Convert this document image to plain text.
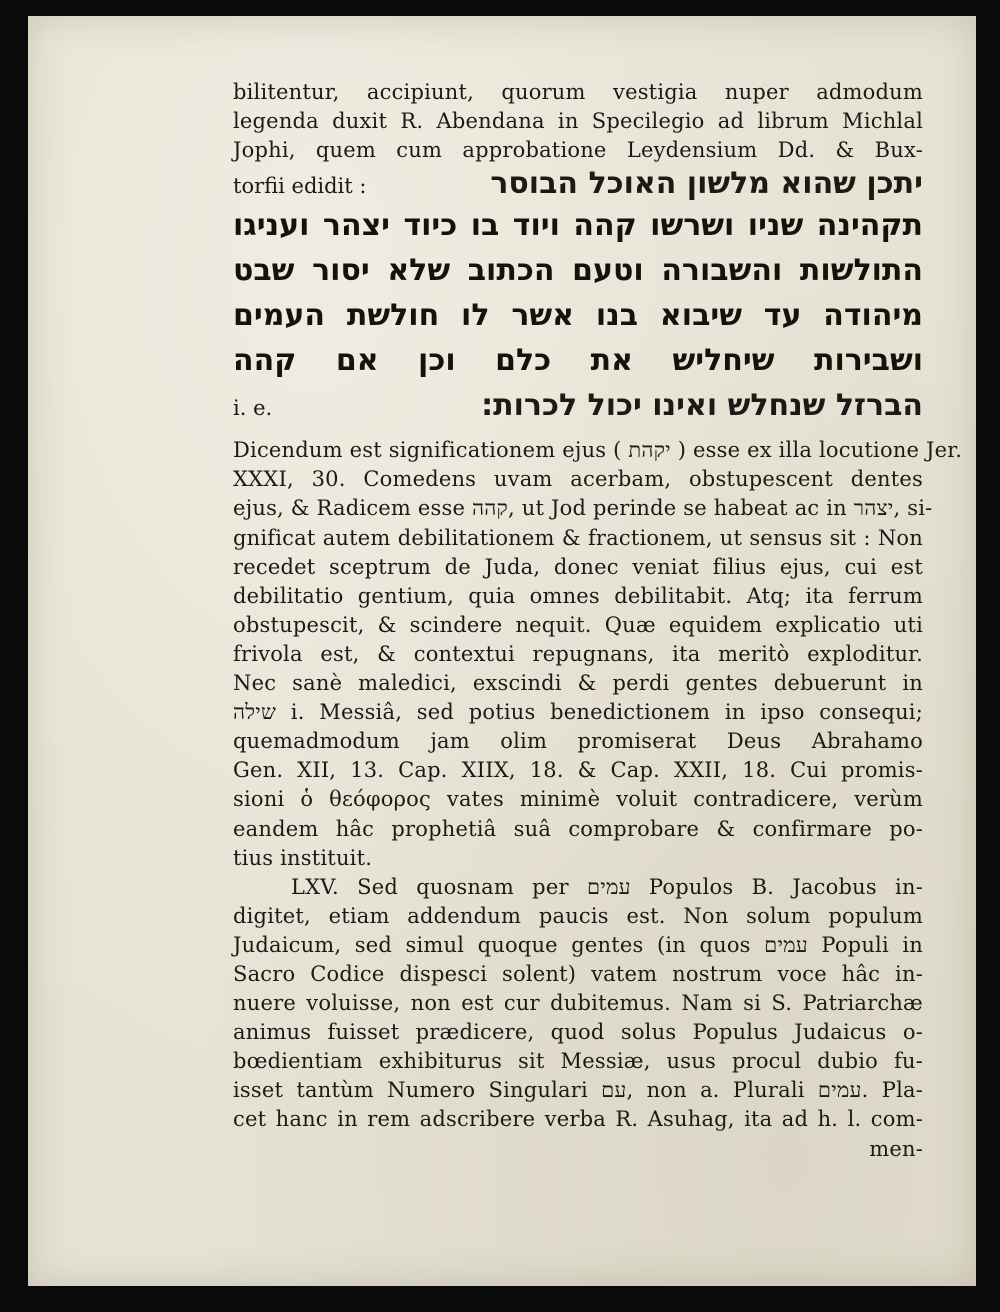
bilitentur, accipiunt, quorum vestigia nuper admodum
legenda duxit R. Abendana in Specilegio ad librum Michlal
Jophi, quem cum approbatione Leydensium Dd. & Bux-
torfii edidit :	יתכן שהוא מלשון האוכל הבוסר
תקהינה שניו ושרשו קהה ויוד בו כיוד יצהר ועניגו
התולשות והשבורה וטעם הכתוב שלא יסור שבט
מיהודה עד שיבוא בנו אשר לו חולשת העמים
ושבירות שיחליש את כלם וכן אם קהה
i. e.	הברזל שנחלש ואינו יכול לכרות:
Dicendum est significationem ejus ( יקהת ) esse ex illa locutione Jer.
XXXI, 30. Comedens uvam acerbam, obstupescent dentes
ejus, & Radicem esse קהה, ut Jod perinde se habeat ac in יצהר, si-
gnificat autem debilitationem & fractionem, ut sensus sit : Non
recedet sceptrum de Juda, donec veniat filius ejus, cui est
debilitatio gentium, quia omnes debilitabit. Atq; ita ferrum
obstupescit, & scindere nequit. Quæ equidem explicatio uti
frivola est, & contextui repugnans, ita meritò exploditur.
Nec sanè maledici, exscindi & perdi gentes debuerunt in
שילה i. Messiâ, sed potius benedictionem in ipso consequi;
quemadmodum jam olim promiserat Deus Abrahamo
Gen. XII, 13. Cap. XIIX, 18. & Cap. XXII, 18. Cui promis-
sioni ὁ θεόφορος vates minimè voluit contradicere, verùm
eandem hâc prophetiâ suâ comprobare & confirmare po-
tius instituit.
LXV. Sed quosnam per עמים Populos B. Jacobus in-
digitet, etiam addendum paucis est. Non solum populum
Judaicum, sed simul quoque gentes (in quos עמים Populi in
Sacro Codice dispesci solent) vatem nostrum voce hâc in-
nuere voluisse, non est cur dubitemus. Nam si S. Patriarchæ
animus fuisset prædicere, quod solus Populus Judaicus o-
bœdientiam exhibiturus sit Messiæ, usus procul dubio fu-
isset tantùm Numero Singulari עם, non a. Plurali עמים. Pla-
cet hanc in rem adscribere verba R. Asuhag, ita ad h. l. com-
men-
